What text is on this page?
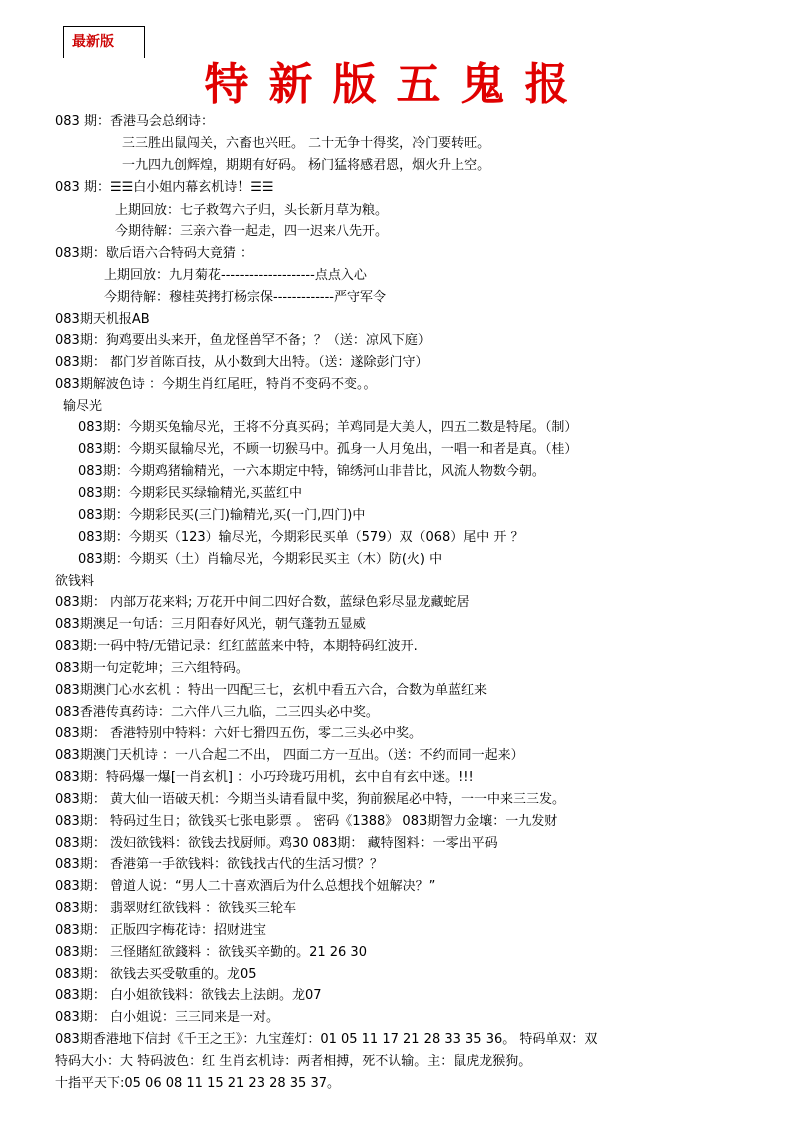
最新版
特新版五鬼报
083 期：香港马会总纲诗：
三三胜出鼠闯关，六畜也兴旺。 二十无争十得奖，冷门要转旺。
一九四九创辉煌，期期有好码。 杨门猛将感君恩，烟火升上空。
083 期：☰☰白小姐内幕玄机诗！☰☰
上期回放：七子救驾六子归，头长新月草为粮。
今期待解：三亲六眷一起走，四一迟来八先开。
083期：歇后语六合特码大竟猜 ：
上期回放：九月菊花--------------------点点入心
今期待解：穆桂英拷打杨宗保-------------严守军令
083期天机报AB
083期：狗鸡要出头来开，鱼龙怪兽罕不备；？（送：凉风下庭）
083期： 都门岁首陈百技，从小数到大出特。（送：遂除彭门守）
083期解波色诗 ：今期生肖红尾旺，特肖不变码不变。。
输尽光
083期：今期买兔输尽光，王将不分真买码；羊鸡同是大美人，四五二数是特尾。（制）
083期：今期买鼠输尽光，不顾一切猴马中。孤身一人月兔出，一唱一和者是真。（桂）
083期：今期鸡猪输精光，一六本期定中特，锦绣河山非昔比，风流人物数今朝。
083期：今期彩民买绿输精光,买蓝红中
083期：今期彩民买(三门)输精光,买(一门,四门)中
083期：今期买（123）输尽光，今期彩民买单（579）双（068）尾中 开 ？
083期：今期买（土）肖输尽光，今期彩民买主（木）防(火) 中
欲钱料
083期： 内部万花来料; 万花开中间二四好合数，蓝绿色彩尽显龙藏蛇居
083期澳足一句话：三月阳春好风光，朝气蓬勃五显威
083期:一码中特/无错记录：红红蓝蓝来中特，本期特码红波开.
083期一句定乾坤；三六组特码。
083期澳门心水玄机 ：特出一四配三七，玄机中看五六合，合数为单蓝红来
083香港传真药诗：二六伴八三九临，二三四头必中奖。
083期： 香港特别中特料：六奸七猾四五伤，零二三头必中奖。
083期澳门天机诗 ：一八合起二不出， 四面二方一互出。（送：不约而同一起来）
083期：特码爆一爆[一肖玄机] ：小巧玲珑巧用机，玄中自有玄中迷。!!!
083期： 黄大仙一语破天机：今期当头请看鼠中奖，狗前猴尾必中特，一一中来三三发。
083期： 特码过生日；欲钱买七张电影票 。 密码《1388》 083期智力金壤：一九发财
083期： 泼妇欲钱料：欲钱去找厨师。鸡30 083期： 藏特图料：一零出平码
083期： 香港第一手欲钱料：欲钱找古代的生活习惯？？
083期： 曾道人说：“男人二十喜欢酒后为什么总想找个妞解决？”
083期： 翡翠财红欲钱料 ：欲钱买三轮车
083期： 正版四字梅花诗：招财进宝
083期： 三怪賭紅欲錢料 ：欲钱买辛勤的。21 26 30
083期： 欲钱去买受敬重的。龙05
083期： 白小姐欲钱料：欲钱去上法朗。龙07
083期： 白小姐说：三三同来是一对。
083期香港地下信封《千王之王》：九宝莲灯：01 05 11 17 21 28 33 35 36。 特码单双：双
特码大小：大 特码波色：红 生肖玄机诗：两者相搏，死不认输。主：鼠虎龙猴狗。
十指平天下:05 06 08 11 15 21 23 28 35 37。
